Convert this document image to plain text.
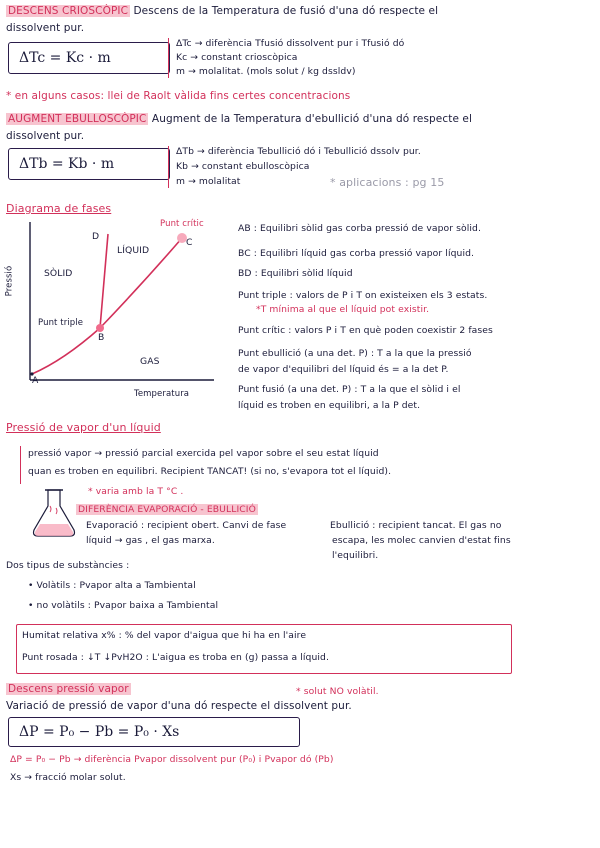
DESCENS CRIOSCÒPIC Descens de la Temperatura de fusió d'una dó respecte el
dissolvent pur.
ΔTc = Kc · m
ΔTc → diferència Tfusió dissolvent pur i Tfusió dó
Kc → constant crioscòpica
m → molalitat. (mols solut / kg dssldv)
* en alguns casos: llei de Raolt vàlida fins certes concentracions
AUGMENT EBULLOSCÒPIC Augment de la Temperatura d'ebullició d'una dó respecte el
dissolvent pur.
ΔTb = Kb · m
ΔTb → diferència Tebullició dó i Tebullició dssolv pur.
Kb → constant ebulloscòpica
m → molalitat	* aplicacions : pg 15
Diagrama de fases
D
C
B
A
Punt crític
LÍQUID
SÒLID
Punt triple
GAS
Temperatura
Pressió
AB : Equilibri sòlid gas corba pressió de vapor sòlid.
BC : Equilibri líquid gas corba pressió vapor líquid.
BD : Equilibri sòlid líquid
Punt triple : valors de P i T on existeixen els 3 estats.
*T mínima al que el líquid pot existir.
Punt crític : valors P i T en què poden coexistir 2 fases
Punt ebullició (a una det. P) : T a la que la pressió
de vapor d'equilibri del líquid és = a la det P.
Punt fusió (a una det. P) : T a la que el sòlid i el
líquid es troben en equilibri, a la P det.
Pressió de vapor d'un líquid
pressió vapor → pressió parcial exercida pel vapor sobre el seu estat líquid
quan es troben en equilibri. Recipient TANCAT! (si no, s'evapora tot el líquid).
* varia amb la T °C .
DIFERÈNCIA EVAPORACIÓ - EBULLICIÓ
Evaporació : recipient obert. Canvi de fase
líquid → gas , el gas marxa.
Ebullició : recipient tancat. El gas no
escapa, les molec canvien d'estat fins
l'equilibri.
Dos tipus de substàncies :
• Volàtils : Pvapor alta a Tambiental
• no volàtils : Pvapor baixa a Tambiental
Humitat relativa x% : % del vapor d'aigua que hi ha en l'aire
Punt rosada : ↓T ↓PvH2O : L'aigua es troba en (g) passa a líquid.
Descens pressió vapor	* solut NO volàtil.
Variació de pressió de vapor d'una dó respecte el dissolvent pur.
ΔP = P₀ − Pb = P₀ · Xs
ΔP = P₀ − Pb → diferència Pvapor dissolvent pur (P₀) i Pvapor dó (Pb)
Xs → fracció molar solut.
